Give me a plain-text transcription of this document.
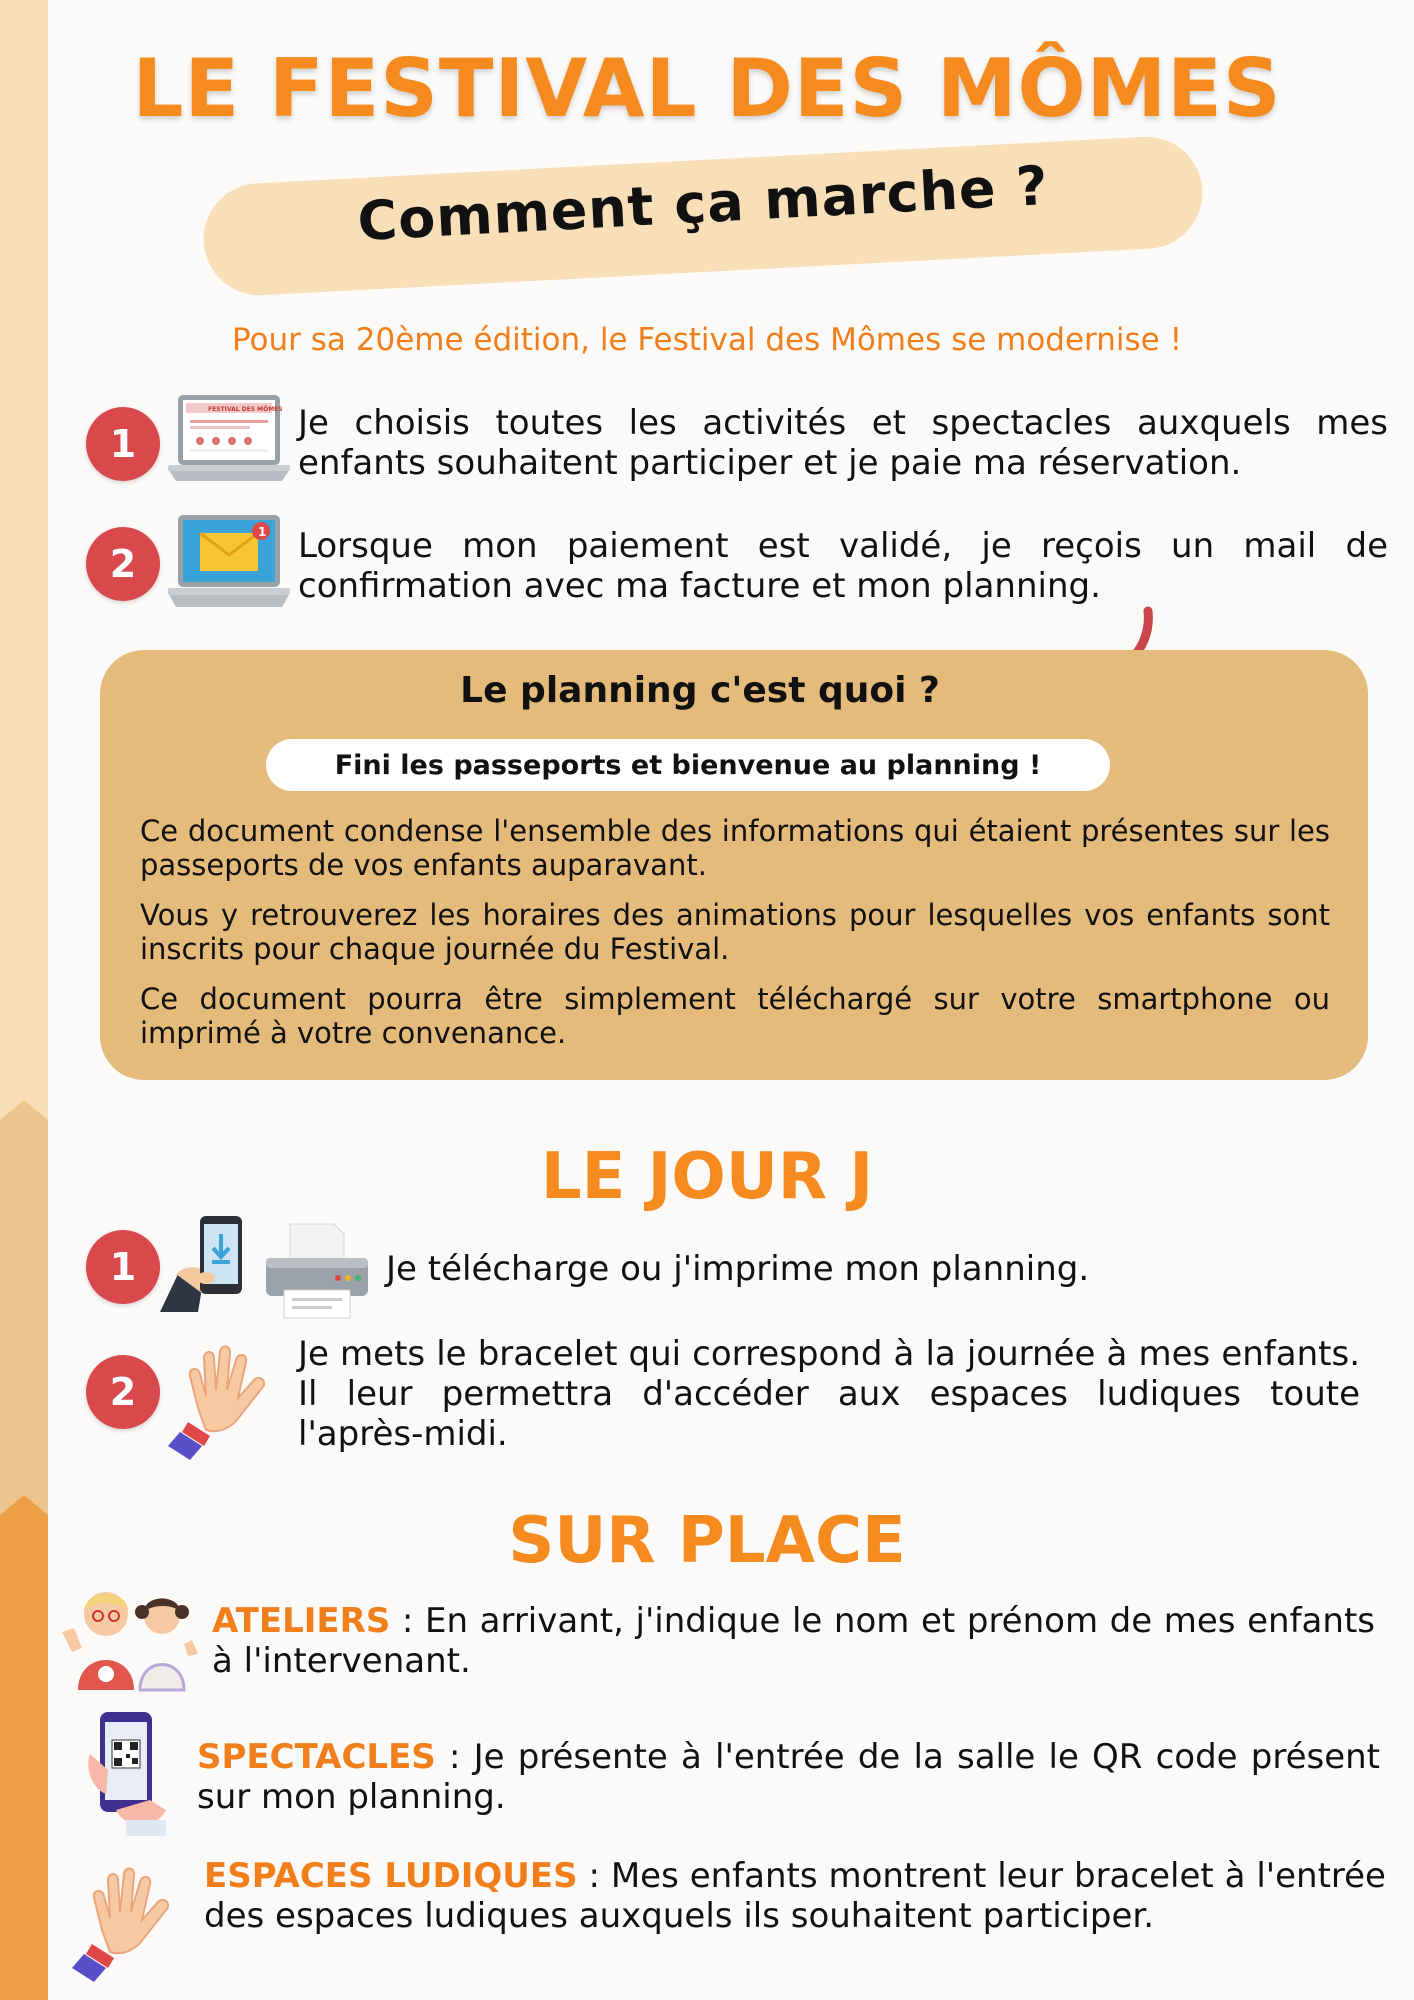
LE FESTIVAL DES MÔMES
Comment ça marche ?
Pour sa 20ème édition, le Festival des Mômes se modernise !
1
FESTIVAL DES MÔMES Je choisis toutes les activités et spectacles auxquels mes enfants souhaitent participer et je paie ma réservation.
2
1 Lorsque mon paiement est validé, je reçois un mail de confirmation avec ma facture et mon planning.
Le planning c'est quoi ?
Fini les passeports et bienvenue au planning !
Ce document condense l'ensemble des informations qui étaient présentes sur les passeports de vos enfants auparavant.
Vous y retrouverez les horaires des animations pour lesquelles vos enfants sont inscrits pour chaque journée du Festival.
Ce document pourra être simplement téléchargé sur votre smartphone ou imprimé à votre convenance.
LE JOUR J
1	Je télécharge ou j'imprime mon planning.
2
Je mets le bracelet qui correspond à la journée à mes enfants. Il leur permettra d'accéder aux espaces ludiques toute l'après-midi.
SUR PLACE
ATELIERS : En arrivant, j'indique le nom et prénom de mes enfants à l'intervenant.
SPECTACLES : Je présente à l'entrée de la salle le QR code présent sur mon planning.
ESPACES LUDIQUES : Mes enfants montrent leur bracelet à l'entrée des espaces ludiques auxquels ils souhaitent participer.
